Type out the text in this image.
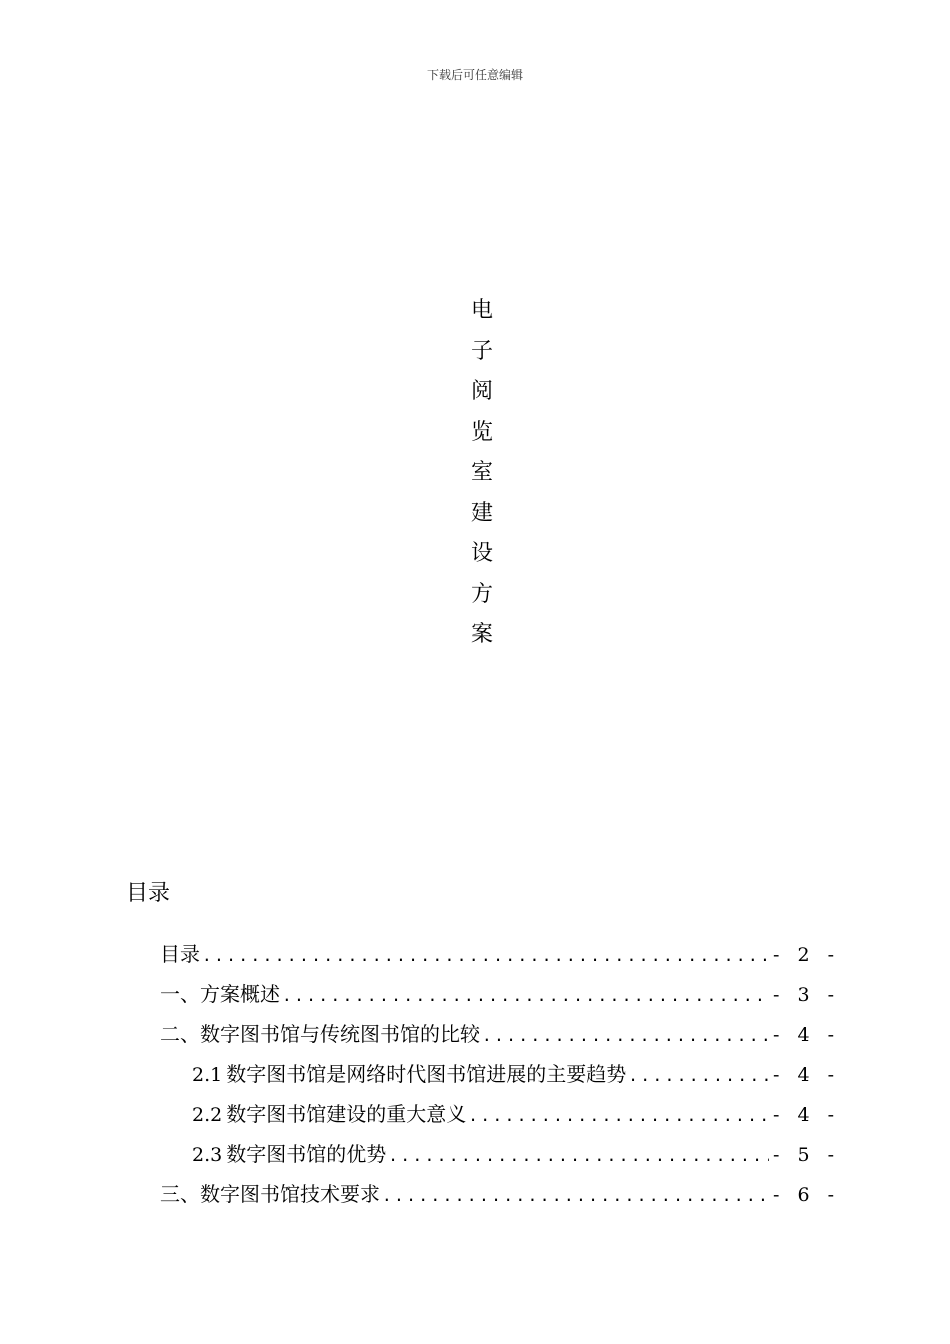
下载后可任意编辑
电
子
阅
览
室
建
设
方
案
目录
目录 .....	- 2 -
一、 方案概述 .....	- 3 -
二、 数字图书馆与传统图书馆的比较 .....	- 4 -
2.1 数字图书馆是网络时代图书馆进展的主要趋势 .....	- 4 -
2.2 数字图书馆建设的重大意义 .....	- 4 -
2.3 数字图书馆的优势 .....	- 5 -
三、 数字图书馆技术要求 .....	- 6 -
